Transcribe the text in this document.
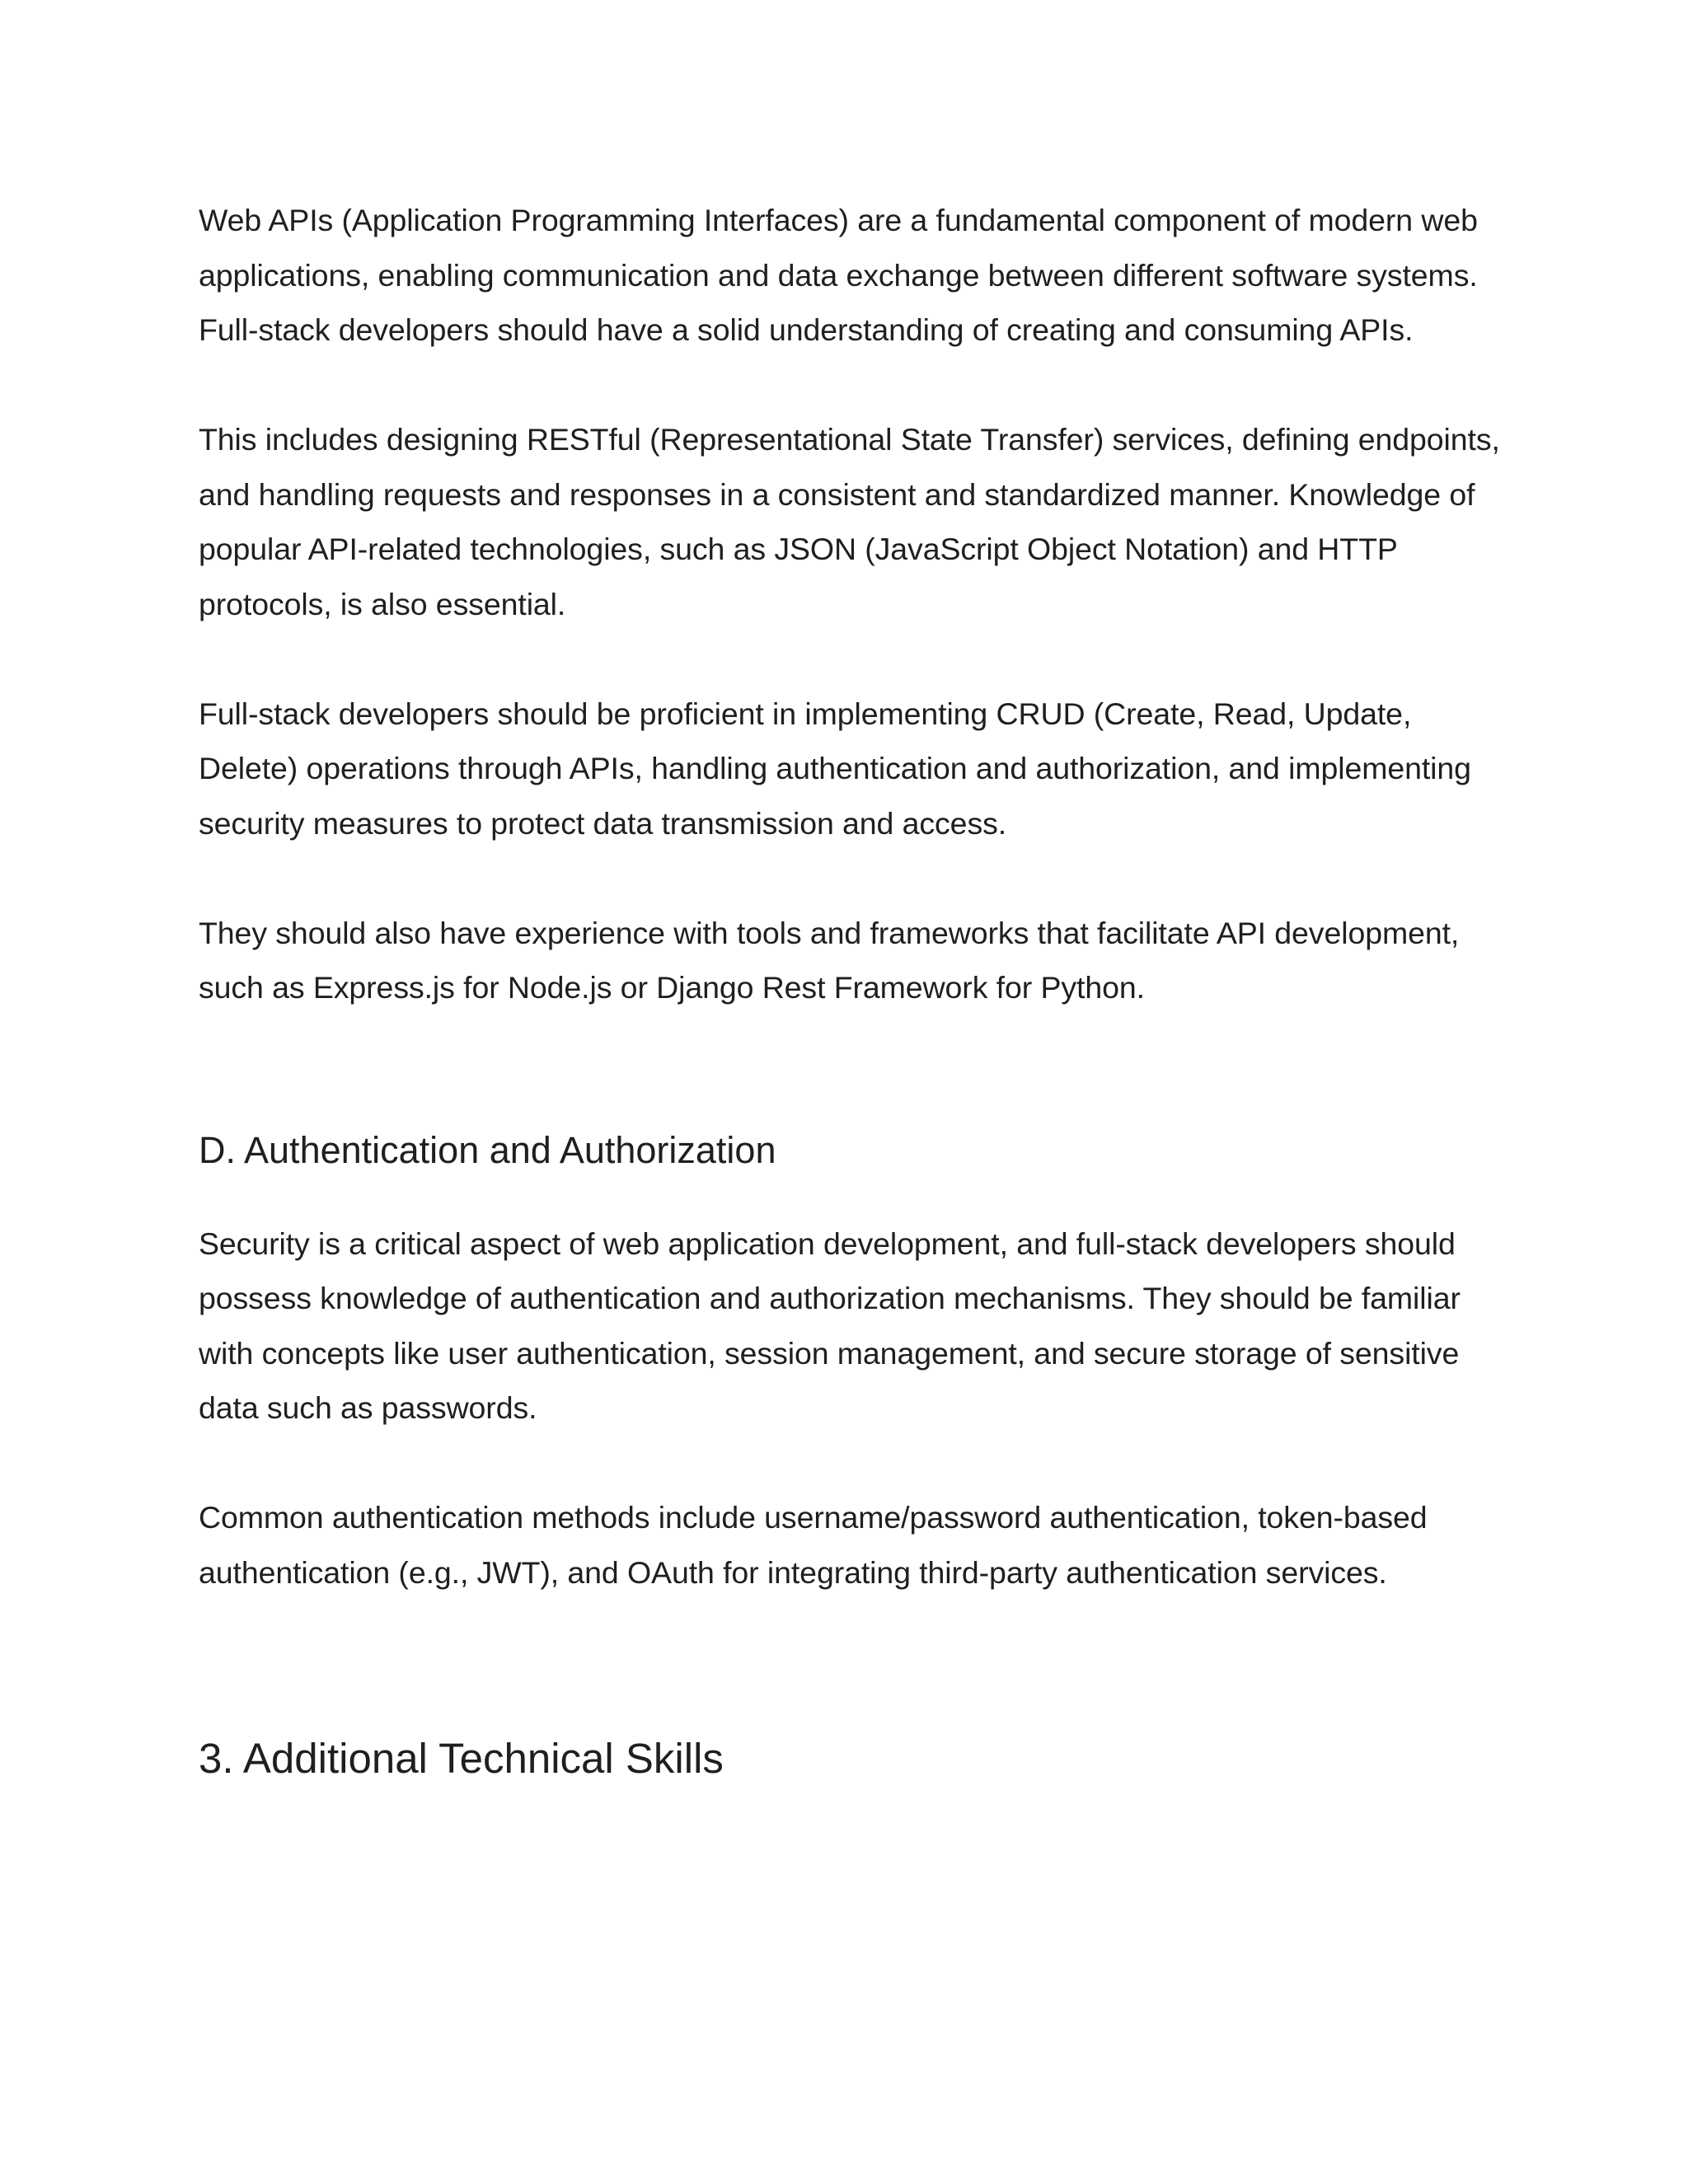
Web APIs (Application Programming Interfaces) are a fundamental component of modern web applications, enabling communication and data exchange between different software systems. Full-stack developers should have a solid understanding of creating and consuming APIs.

This includes designing RESTful (Representational State Transfer) services, defining endpoints, and handling requests and responses in a consistent and standardized manner. Knowledge of popular API-related technologies, such as JSON (JavaScript Object Notation) and HTTP protocols, is also essential.

Full-stack developers should be proficient in implementing CRUD (Create, Read, Update, Delete) operations through APIs, handling authentication and authorization, and implementing security measures to protect data transmission and access.

They should also have experience with tools and frameworks that facilitate API development, such as Express.js for Node.js or Django Rest Framework for Python.

D. Authentication and Authorization

Security is a critical aspect of web application development, and full-stack developers should possess knowledge of authentication and authorization mechanisms. They should be familiar with concepts like user authentication, session management, and secure storage of sensitive data such as passwords.

Common authentication methods include username/password authentication, token-based authentication (e.g., JWT), and OAuth for integrating third-party authentication services.

3. Additional Technical Skills
